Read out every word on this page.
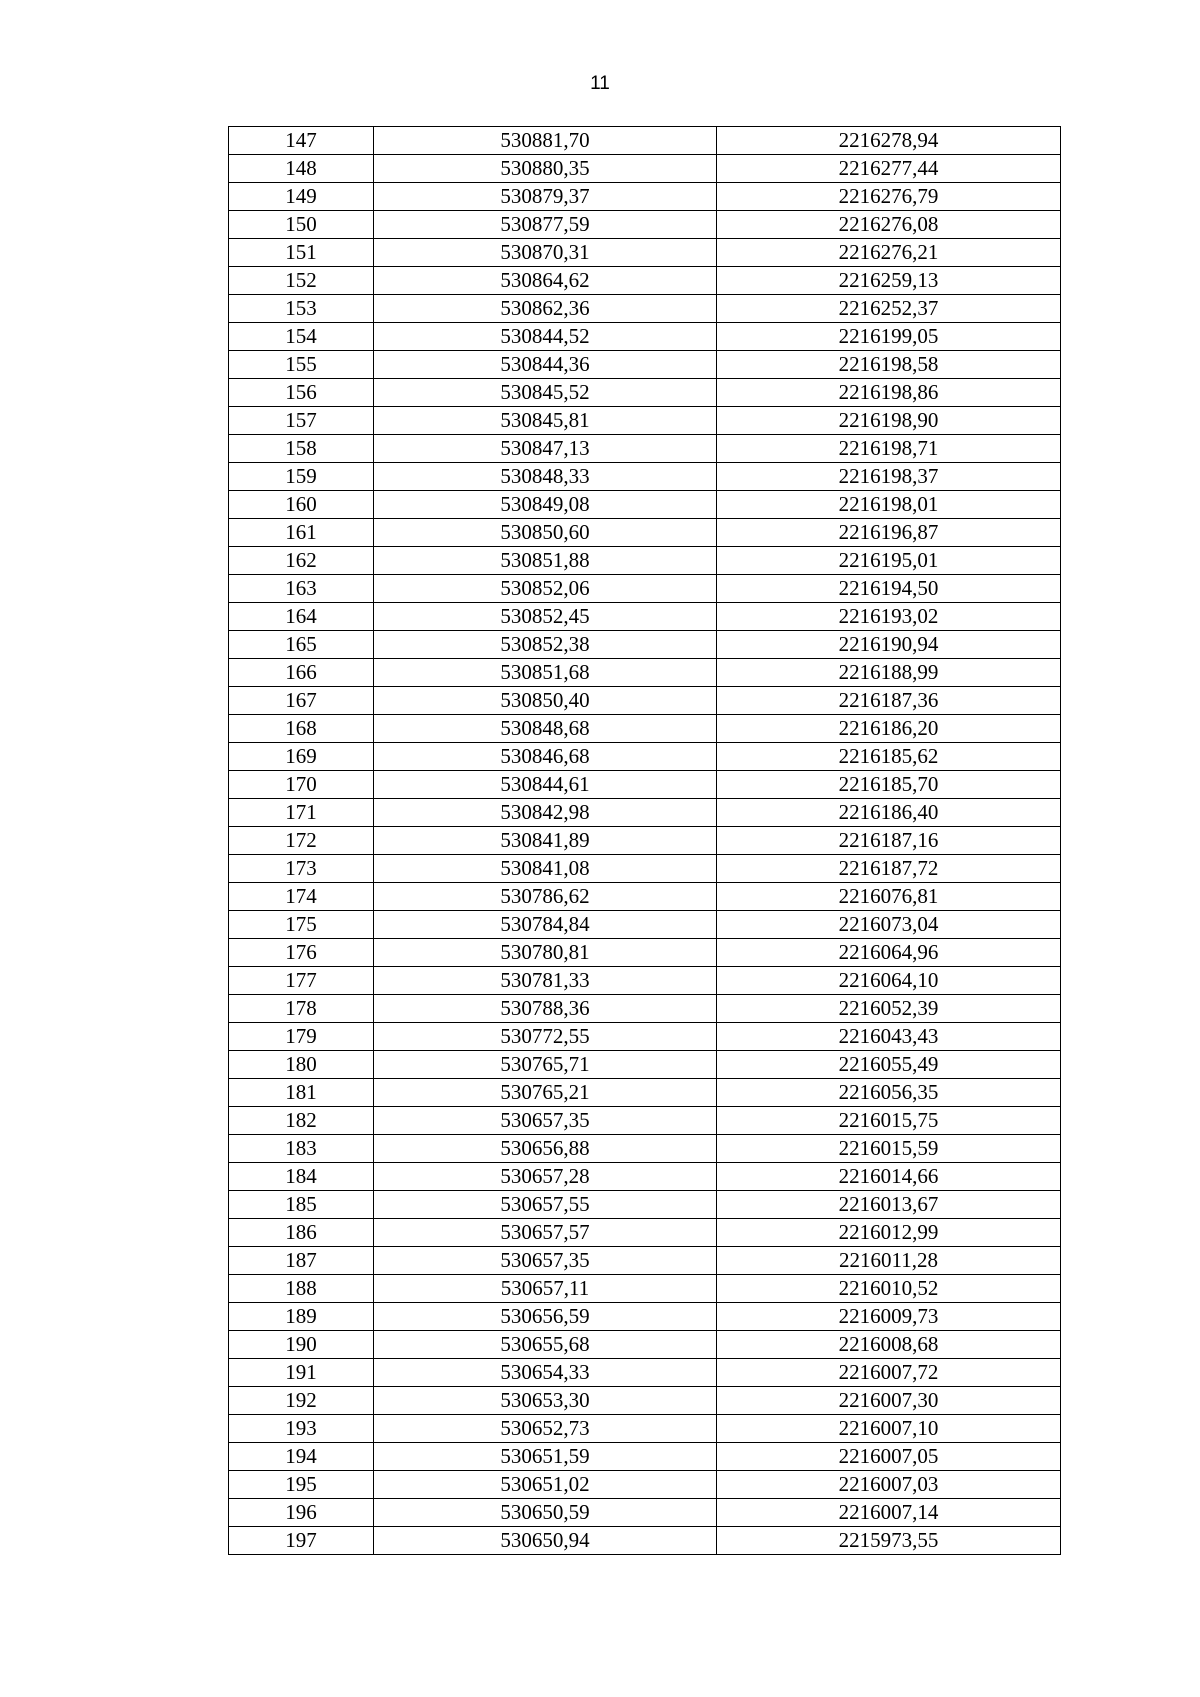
11
147	530881,70	2216278,94
148	530880,35	2216277,44
149	530879,37	2216276,79
150	530877,59	2216276,08
151	530870,31	2216276,21
152	530864,62	2216259,13
153	530862,36	2216252,37
154	530844,52	2216199,05
155	530844,36	2216198,58
156	530845,52	2216198,86
157	530845,81	2216198,90
158	530847,13	2216198,71
159	530848,33	2216198,37
160	530849,08	2216198,01
161	530850,60	2216196,87
162	530851,88	2216195,01
163	530852,06	2216194,50
164	530852,45	2216193,02
165	530852,38	2216190,94
166	530851,68	2216188,99
167	530850,40	2216187,36
168	530848,68	2216186,20
169	530846,68	2216185,62
170	530844,61	2216185,70
171	530842,98	2216186,40
172	530841,89	2216187,16
173	530841,08	2216187,72
174	530786,62	2216076,81
175	530784,84	2216073,04
176	530780,81	2216064,96
177	530781,33	2216064,10
178	530788,36	2216052,39
179	530772,55	2216043,43
180	530765,71	2216055,49
181	530765,21	2216056,35
182	530657,35	2216015,75
183	530656,88	2216015,59
184	530657,28	2216014,66
185	530657,55	2216013,67
186	530657,57	2216012,99
187	530657,35	2216011,28
188	530657,11	2216010,52
189	530656,59	2216009,73
190	530655,68	2216008,68
191	530654,33	2216007,72
192	530653,30	2216007,30
193	530652,73	2216007,10
194	530651,59	2216007,05
195	530651,02	2216007,03
196	530650,59	2216007,14
197	530650,94	2215973,55
